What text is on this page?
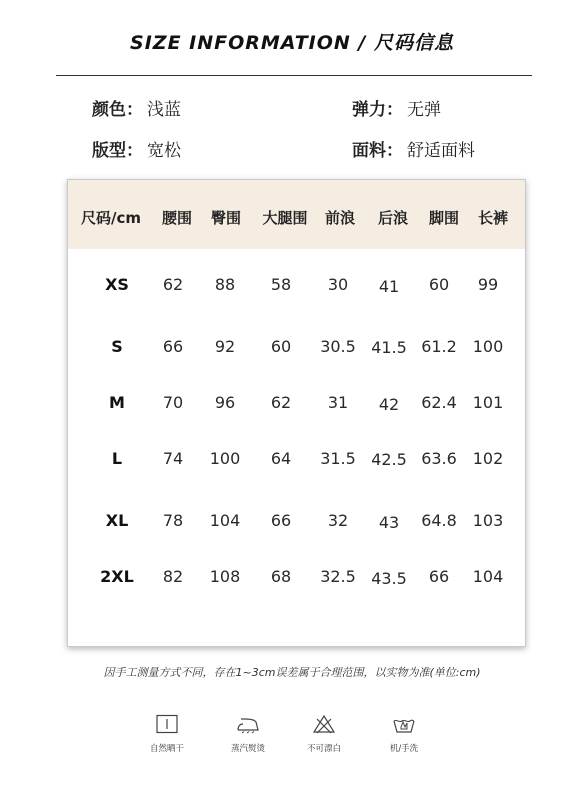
SIZE INFORMATION / 尺码信息
颜色： 浅蓝	弹力： 无弹
版型： 宽松	面料： 舒适面料
尺码/cm 腰围 臀围 大腿围 前浪 后浪 脚围 长裤
XS 62 88 58 30 41 60 99
S	66 92 60 30.5 41.5 61.2 100
M 70 96 62 31 42 62.4 101
L	74 100 64 31.5 42.5 63.6 102
XL 78 104 66 32 43 64.8 103
2XL 82 108 68 32.5 43.5 66 104
因手工测量方式不同，存在1~3cm误差属于合理范围，以实物为准(单位:cm)
自然晒干	蒸汽熨烫	不可漂白	机/手洗
